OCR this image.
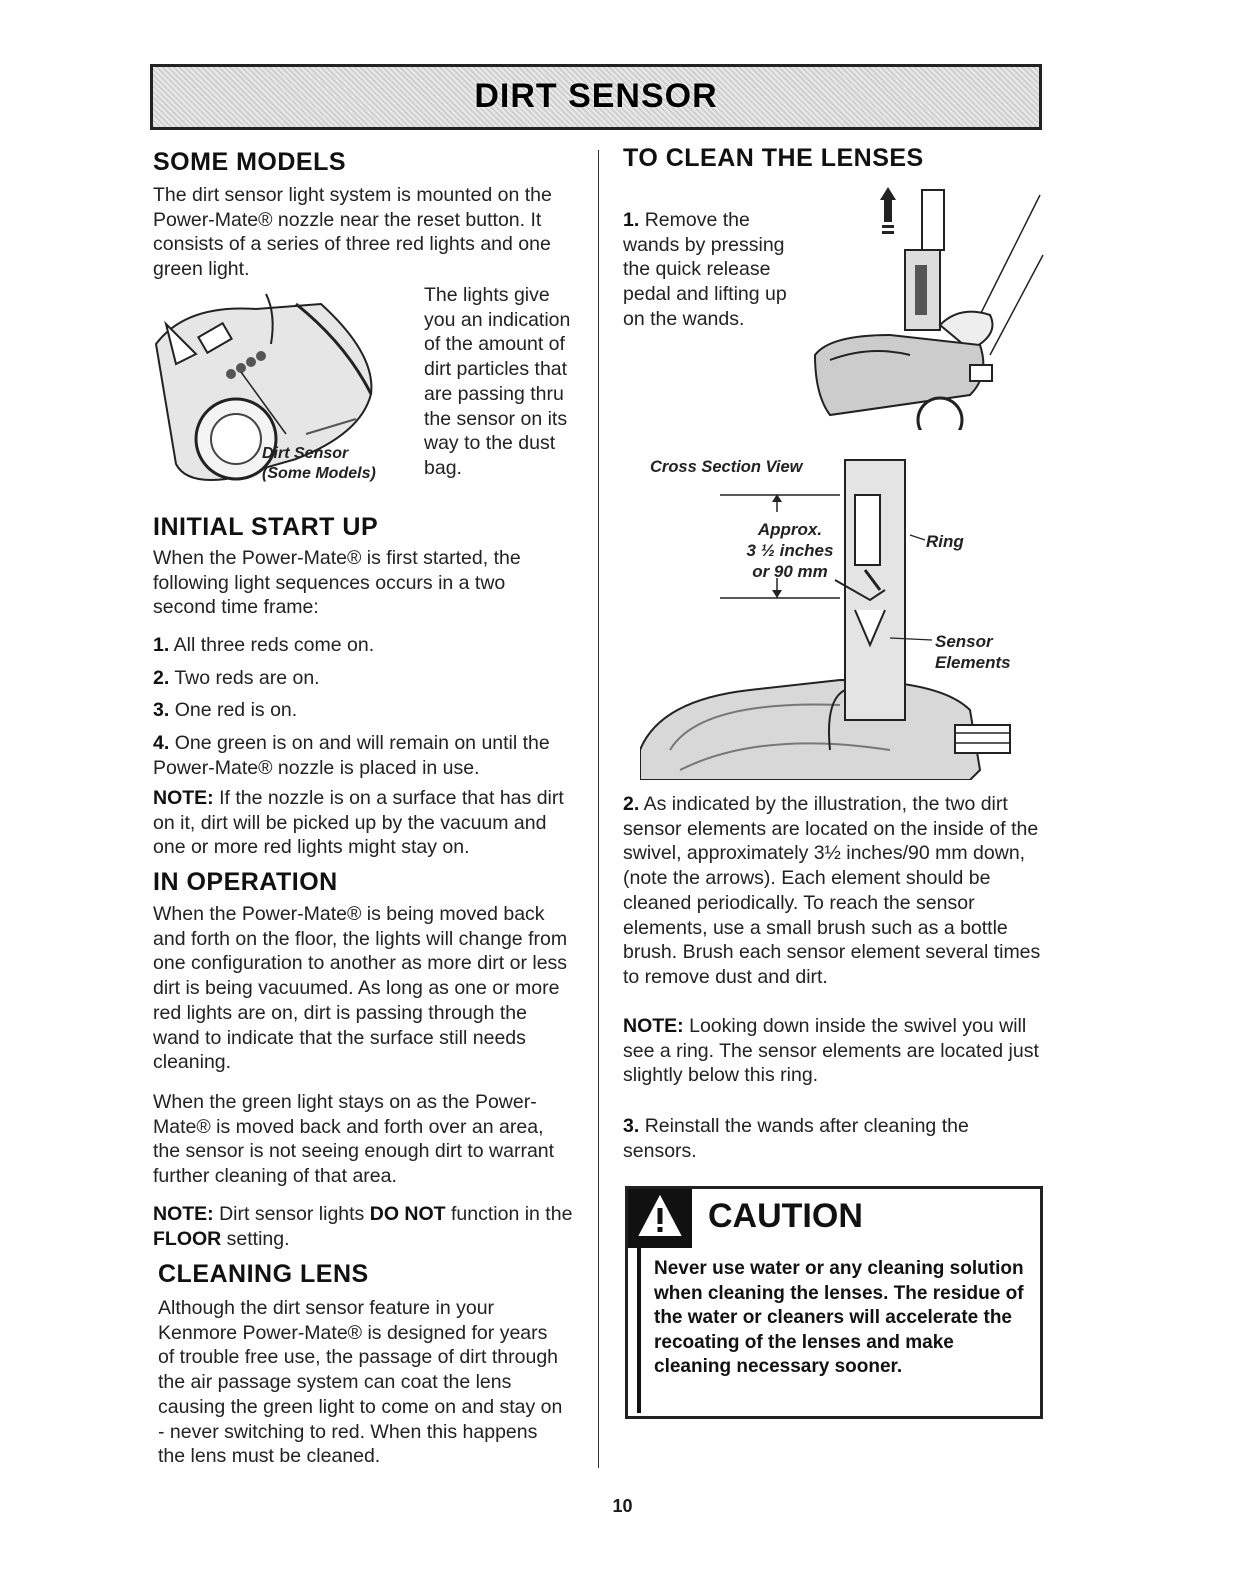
DIRT SENSOR
SOME MODELS
The dirt sensor light system is mounted on the Power-Mate® nozzle near the reset button. It consists of a series of three red lights and one green light.
Dirt Sensor
(Some Models)
The lights give you an indication of the amount of dirt particles that are passing thru the sensor on its way to the dust bag.
INITIAL START UP
When the Power-Mate® is first started, the following light sequences occurs in a two second time frame:
1. All three reds come on.
2. Two reds are on.
3. One red is on.
4. One green is on and will remain on until the Power-Mate® nozzle is placed in use.
NOTE: If the nozzle is on a surface that has dirt on it, dirt will be picked up by the vacuum and one or more red lights might stay on.
IN OPERATION
When the Power-Mate® is being moved back and forth on the floor, the lights will change from one configuration to another as more dirt or less dirt is being vacuumed. As long as one or more red lights are on, dirt is passing through the wand to indicate that the surface still needs cleaning.
When the green light stays on as the Power-Mate® is moved back and forth over an area, the sensor is not seeing enough dirt to warrant further cleaning of that area.
NOTE: Dirt sensor lights DO NOT function in the FLOOR setting.
CLEANING LENS
Although the dirt sensor feature in your Kenmore Power-Mate® is designed for years of trouble free use, the passage of dirt through the air passage system can coat the lens causing the green light to come on and stay on - never switching to red. When this happens the lens must be cleaned.
TO CLEAN THE LENSES
1. Remove the wands by pressing the quick release pedal and lifting up on the wands.
Cross Section View
Approx.
3 ½ inches
or 90 mm
Ring
Sensor
Elements
2. As indicated by the illustration, the two dirt sensor elements are located on the inside of the swivel, approximately 3½ inches/90 mm down, (note the arrows). Each element should be cleaned periodically. To reach the sensor elements, use a small brush such as a bottle brush. Brush each sensor element several times to remove dust and dirt.
NOTE: Looking down inside the swivel you will see a ring. The sensor elements are located just slightly below this ring.
3. Reinstall the wands after cleaning the sensors.
CAUTION
Never use water or any cleaning solution when cleaning the lenses. The residue of the water or cleaners will accelerate the recoating of the lenses and make cleaning necessary sooner.
10
